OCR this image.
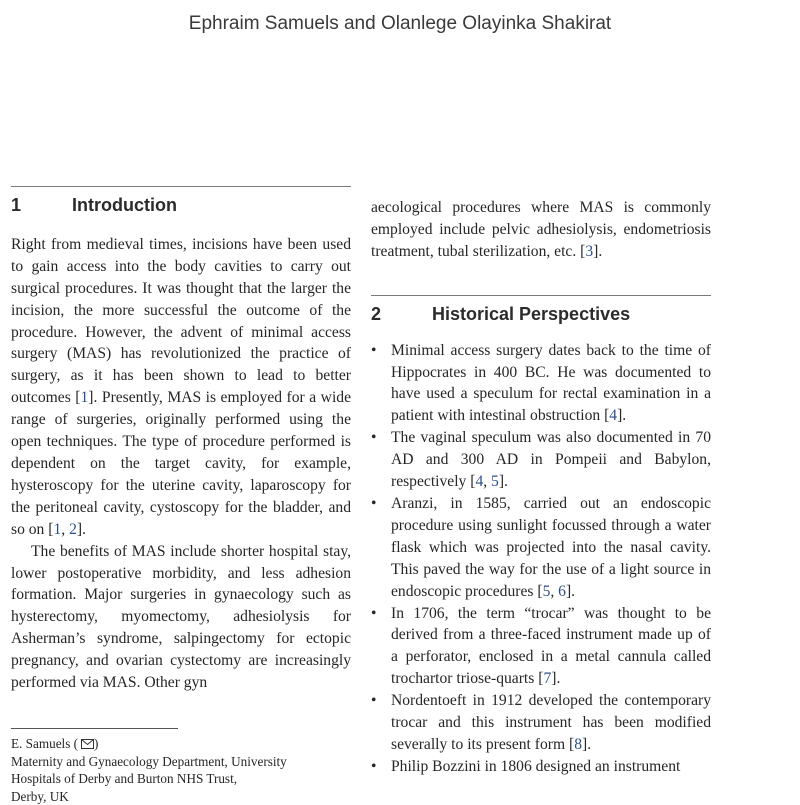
Ephraim Samuels and Olanlege Olayinka Shakirat
1	Introduction

Right from medieval times, incisions have been used to gain access into the body cavities to carry out surgical procedures. It was thought that the larger the incision, the more successful the outcome of the procedure. However, the advent of minimal access surgery (MAS) has revolutionized the practice of surgery, as it has been shown to lead to better outcomes [1]. Presently, MAS is employed for a wide range of surgeries, originally performed using the open techniques. The type of procedure performed is dependent on the target cavity, for example, hysteroscopy for the uterine cavity, laparoscopy for the peritoneal cavity, cystoscopy for the bladder, and so on [1, 2].

The benefits of MAS include shorter hospital stay, lower postoperative morbidity, and less adhesion formation. Major surgeries in gynaecology such as hysterectomy, myomectomy, adhesiolysis for Asherman’s syndrome, salpingectomy for ectopic pregnancy, and ovarian cystectomy are increasingly performed via MAS. Other gyn

aecological procedures where MAS is commonly employed include pelvic adhesiolysis, endometriosis treatment, tubal sterilization, etc. [3].

2	Historical Perspectives
• Minimal access surgery dates back to the time of Hippocrates in 400 BC. He was documented to have used a speculum for rectal examination in a patient with intestinal obstruction [4].
• The vaginal speculum was also documented in 70 AD and 300 AD in Pompeii and Babylon, respectively [4, 5].
• Aranzi, in 1585, carried out an endoscopic procedure using sunlight focussed through a water flask which was projected into the nasal cavity. This paved the way for the use of a light source in endoscopic procedures [5, 6].
• In 1706, the term “trocar” was thought to be derived from a three-faced instrument made up of a perforator, enclosed in a metal cannula called trochartor triose-quarts [7].
• Nordentoeft in 1912 developed the contemporary trocar and this instrument has been modified severally to its present form [8].
• Philip Bozzini in 1806 designed an instrument
E. Samuels ( )
Maternity and Gynaecology Department, University
Hospitals of Derby and Burton NHS Trust,
Derby, UK
